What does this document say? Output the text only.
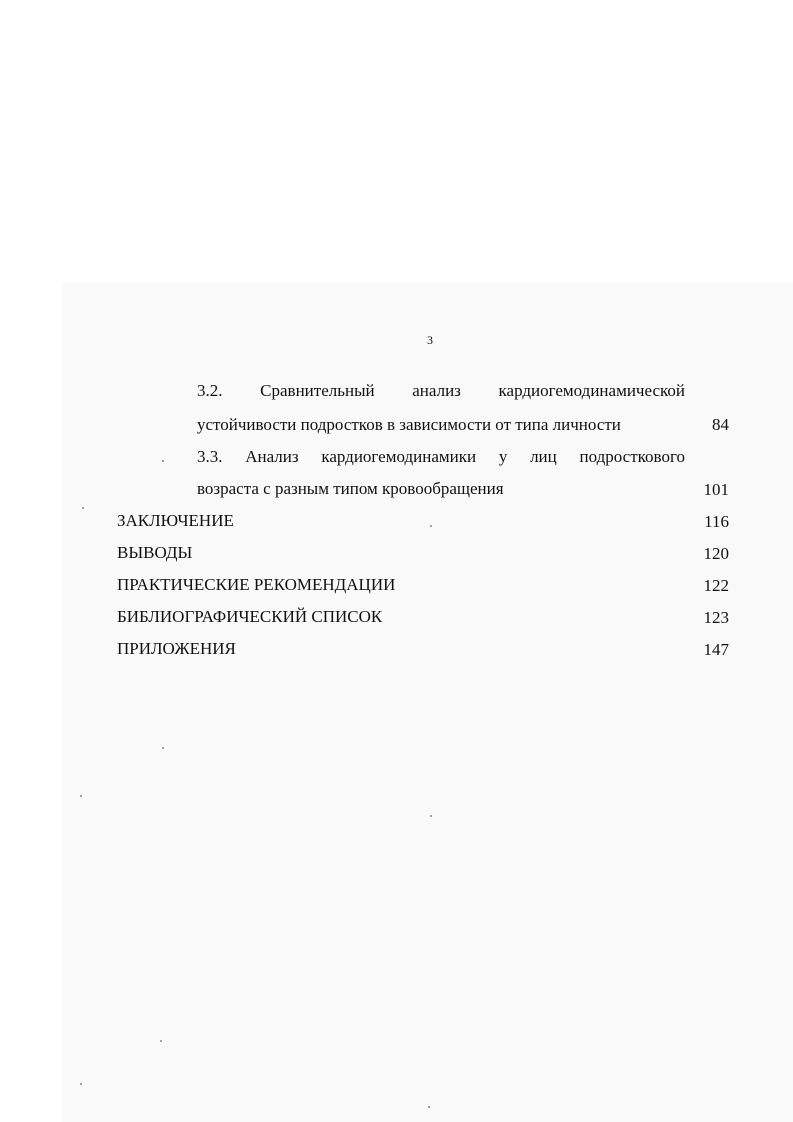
3
3.2. Сравнительный анализ кардиогемодинамической
устойчивости подростков в зависимости от типа личности	84
3.3. Анализ кардиогемодинамики у лиц подросткового
возраста с разным типом кровообращения	101
ЗАКЛЮЧЕНИЕ	116
ВЫВОДЫ	120
ПРАКТИЧЕСКИЕ РЕКОМЕНДАЦИИ	122
БИБЛИОГРАФИЧЕСКИЙ СПИСОК	123
ПРИЛОЖЕНИЯ	147
